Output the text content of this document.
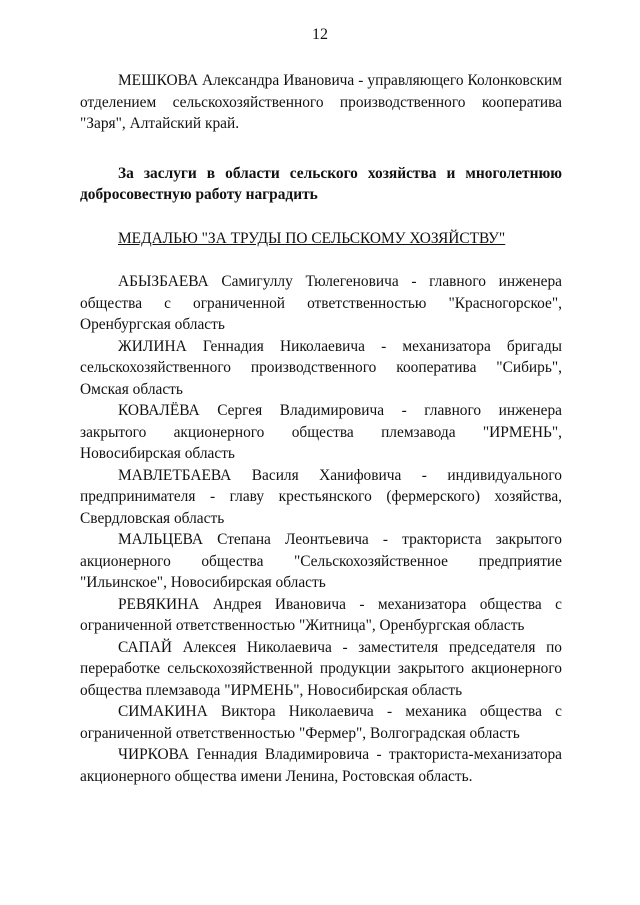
12

МЕШКОВА Александра Ивановича - управляющего Колонковским отделением сельскохозяйственного производственного кооператива "Заря", Алтайский край.

За заслуги в области сельского хозяйства и многолетнюю добросовестную работу наградить

МЕДАЛЬЮ "ЗА ТРУДЫ ПО СЕЛЬСКОМУ ХОЗЯЙСТВУ"

АБЫЗБАЕВА Самигуллу Тюлегеновича - главного инженера общества с ограниченной ответственностью "Красногорское", Оренбургская область

ЖИЛИНА Геннадия Николаевича - механизатора бригады сельскохозяйственного производственного кооператива "Сибирь", Омская область

КОВАЛЁВА Сергея Владимировича - главного инженера закрытого акционерного общества племзавода "ИРМЕНЬ", Новосибирская область

МАВЛЕТБАЕВА Василя Ханифовича - индивидуального предпринимателя - главу крестьянского (фермерского) хозяйства, Свердловская область

МАЛЬЦЕВА Степана Леонтьевича - тракториста закрытого акционерного общества "Сельскохозяйственное предприятие "Ильинское", Новосибирская область

РЕВЯКИНА Андрея Ивановича - механизатора общества с ограниченной ответственностью "Житница", Оренбургская область

САПАЙ Алексея Николаевича - заместителя председателя по переработке сельскохозяйственной продукции закрытого акционерного общества племзавода "ИРМЕНЬ", Новосибирская область

СИМАКИНА Виктора Николаевича - механика общества с ограниченной ответственностью "Фермер", Волгоградская область

ЧИРКОВА Геннадия Владимировича - тракториста-механизатора акционерного общества имени Ленина, Ростовская область.
